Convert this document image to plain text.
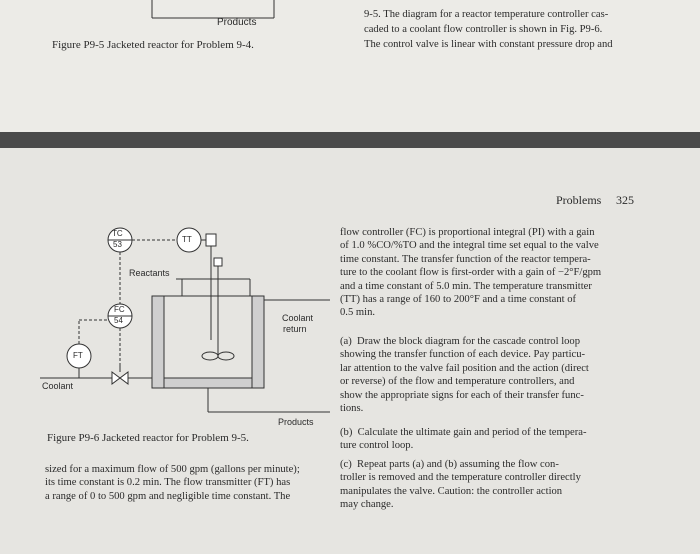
Products
Figure P9-5 Jacketed reactor for Problem 9-4.
9-5. The diagram for a reactor temperature controller cas-
caded to a coolant flow controller is shown in Fig. P9-6.
The control valve is linear with constant pressure drop and
Problems 325
TC
53
TT
Reactants
FC
54
FT
Coolant
return
Coolant
Products
Figure P9-6 Jacketed reactor for Problem 9-5.
sized for a maximum flow of 500 gpm (gallons per minute);
its time constant is 0.2 min. The flow transmitter (FT) has
a range of 0 to 500 gpm and negligible time constant. The
flow controller (FC) is proportional integral (PI) with a gain
of 1.0 %CO/%TO and the integral time set equal to the valve
time constant. The transfer function of the reactor tempera-
ture to the coolant flow is first-order with a gain of −2°F/gpm
and a time constant of 5.0 min. The temperature transmitter
(TT) has a range of 160 to 200°F and a time constant of
0.5 min.
(a)  Draw the block diagram for the cascade control loop
showing the transfer function of each device. Pay particu-
lar attention to the valve fail position and the action (direct
or reverse) of the flow and temperature controllers, and
show the appropriate signs for each of their transfer func-
tions.
(b)  Calculate the ultimate gain and period of the tempera-
ture control loop.
(c)  Repeat parts (a) and (b) assuming the flow con-
troller is removed and the temperature controller directly
manipulates the valve. Caution: the controller action
may change.
